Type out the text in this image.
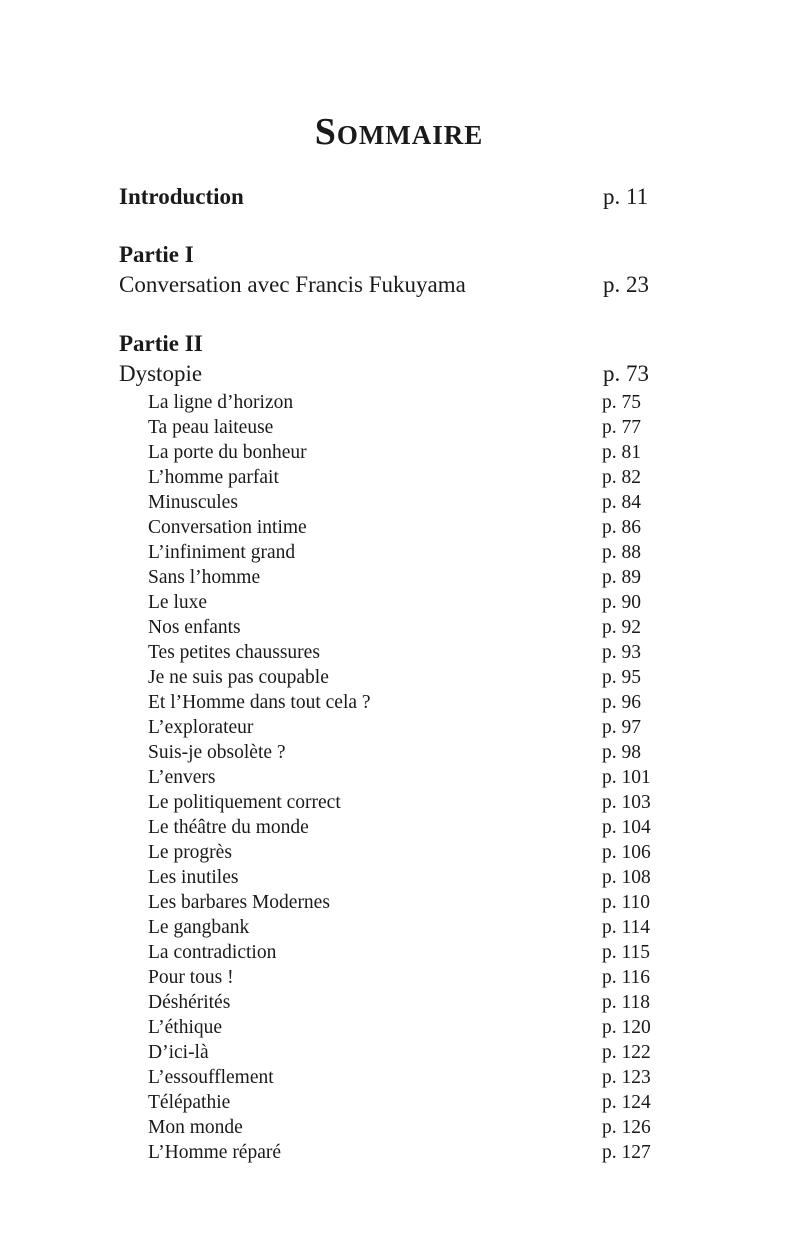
Sommaire
Introduction	p. 11
Partie I
Conversation avec Francis Fukuyama	p. 23
Partie II
Dystopie	p. 73
La ligne d’horizon	p. 75
Ta peau laiteuse	p. 77
La porte du bonheur	p. 81
L’homme parfait	p. 82
Minuscules	p. 84
Conversation intime	p. 86
L’infiniment grand	p. 88
Sans l’homme	p. 89
Le luxe	p. 90
Nos enfants	p. 92
Tes petites chaussures	p. 93
Je ne suis pas coupable	p. 95
Et l’Homme dans tout cela ?	p. 96
L’explorateur	p. 97
Suis-je obsolète ?	p. 98
L’envers	p. 101
Le politiquement correct	p. 103
Le théâtre du monde	p. 104
Le progrès	p. 106
Les inutiles	p. 108
Les barbares Modernes	p. 110
Le gangbank	p. 114
La contradiction	p. 115
Pour tous !	p. 116
Déshérités	p. 118
L’éthique	p. 120
D’ici-là	p. 122
L’essoufflement	p. 123
Télépathie	p. 124
Mon monde	p. 126
L’Homme réparé	p. 127
